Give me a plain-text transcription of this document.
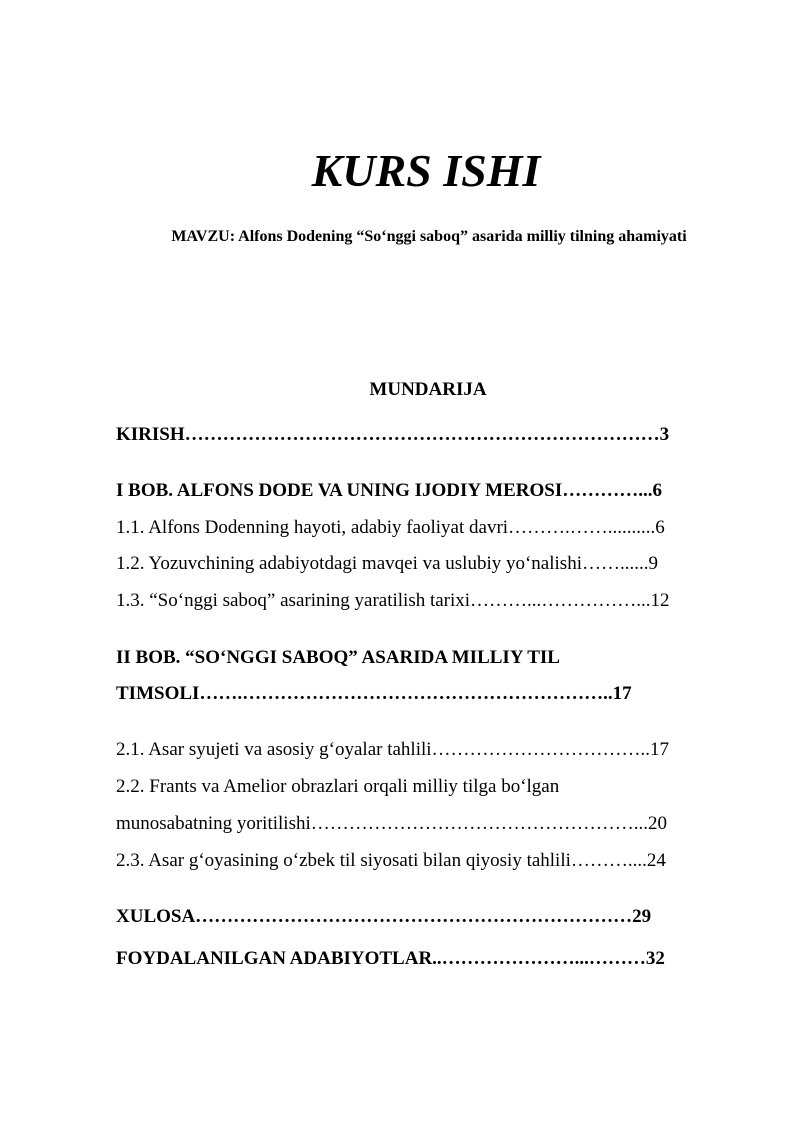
KURS ISHI
MAVZU: Alfons Dodening “So‘nggi saboq” asarida milliy tilning ahamiyati
MUNDARIJA
KIRISH…………………………………………………………………3
I BOB. ALFONS DODE VA UNING IJODIY MEROSI…………...6
1.1. Alfons Dodenning hayoti, adabiy faoliyat davri……….……..........6
1.2. Yozuvchining adabiyotdagi mavqei va uslubiy yo‘nalishi……......9
1.3. “So‘nggi saboq” asarining yaratilish tarixi………...……………...12
II BOB. “SO‘NGGI SABOQ” ASARIDA MILLIY TIL
TIMSOLI…….…………………………………………………..17
2.1. Asar syujeti va asosiy g‘oyalar tahlili……………………………..17
2.2. Frants va Amelior obrazlari orqali milliy tilga bo‘lgan
munosabatning yoritilishi……………………………………………...20
2.3. Asar g‘oyasining o‘zbek til siyosati bilan qiyosiy tahlili………....24
XULOSA……………………………………………………………29
FOYDALANILGAN ADABIYOTLAR..…………………...………32
